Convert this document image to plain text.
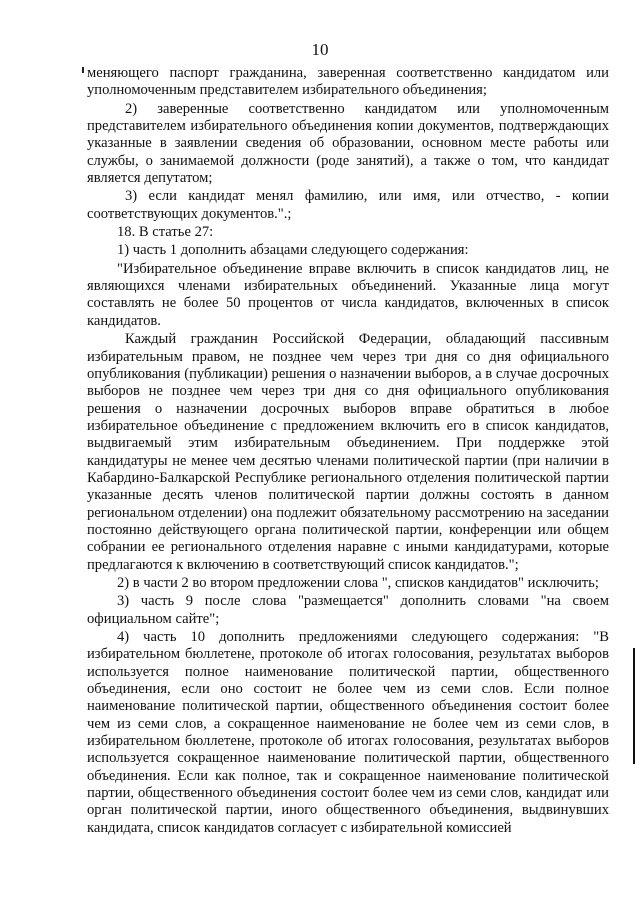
10

меняющего паспорт гражданина, заверенная соответственно кандидатом или уполномоченным представителем избирательного объединения;

2) заверенные соответственно кандидатом или уполномоченным представителем избирательного объединения копии документов, подтверждающих указанные в заявлении сведения об образовании, основном месте работы или службы, о занимаемой должности (роде занятий), а также о том, что кандидат является депутатом;

3) если кандидат менял фамилию, или имя, или отчество, - копии соответствующих документов.".;

18. В статье 27:

1) часть 1 дополнить абзацами следующего содержания:

"Избирательное объединение вправе включить в список кандидатов лиц, не являющихся членами избирательных объединений. Указанные лица могут составлять не более 50 процентов от числа кандидатов, включенных в список кандидатов.

Каждый гражданин Российской Федерации, обладающий пассивным избирательным правом, не позднее чем через три дня со дня официального опубликования (публикации) решения о назначении выборов, а в случае досрочных выборов не позднее чем через три дня со дня официального опубликования решения о назначении досрочных выборов вправе обратиться в любое избирательное объединение с предложением включить его в список кандидатов, выдвигаемый этим избирательным объединением. При поддержке этой кандидатуры не менее чем десятью членами политической партии (при наличии в Кабардино-Балкарской Республике регионального отделения политической партии указанные десять членов политической партии должны состоять в данном региональном отделении) она подлежит обязательному рассмотрению на заседании постоянно действующего органа политической партии, конференции или общем собрании ее регионального отделения наравне с иными кандидатурами, которые предлагаются к включению в соответствующий список кандидатов.";

2) в части 2 во втором предложении слова ", списков кандидатов" исключить;

3) часть 9 после слова "размещается" дополнить словами "на своем официальном сайте";

4) часть 10 дополнить предложениями следующего содержания: "В избирательном бюллетене, протоколе об итогах голосования, результатах выборов используется полное наименование политической партии, общественного объединения, если оно состоит не более чем из семи слов. Если полное наименование политической партии, общественного объединения состоит более чем из семи слов, а сокращенное наименование не более чем из семи слов, в избирательном бюллетене, протоколе об итогах голосования, результатах выборов используется сокращенное наименование политической партии, общественного объединения. Если как полное, так и сокращенное наименование политической партии, общественного объединения состоит более чем из семи слов, кандидат или орган политической партии, иного общественного объединения, выдвинувших кандидата, список кандидатов согласует с избирательной комиссией
